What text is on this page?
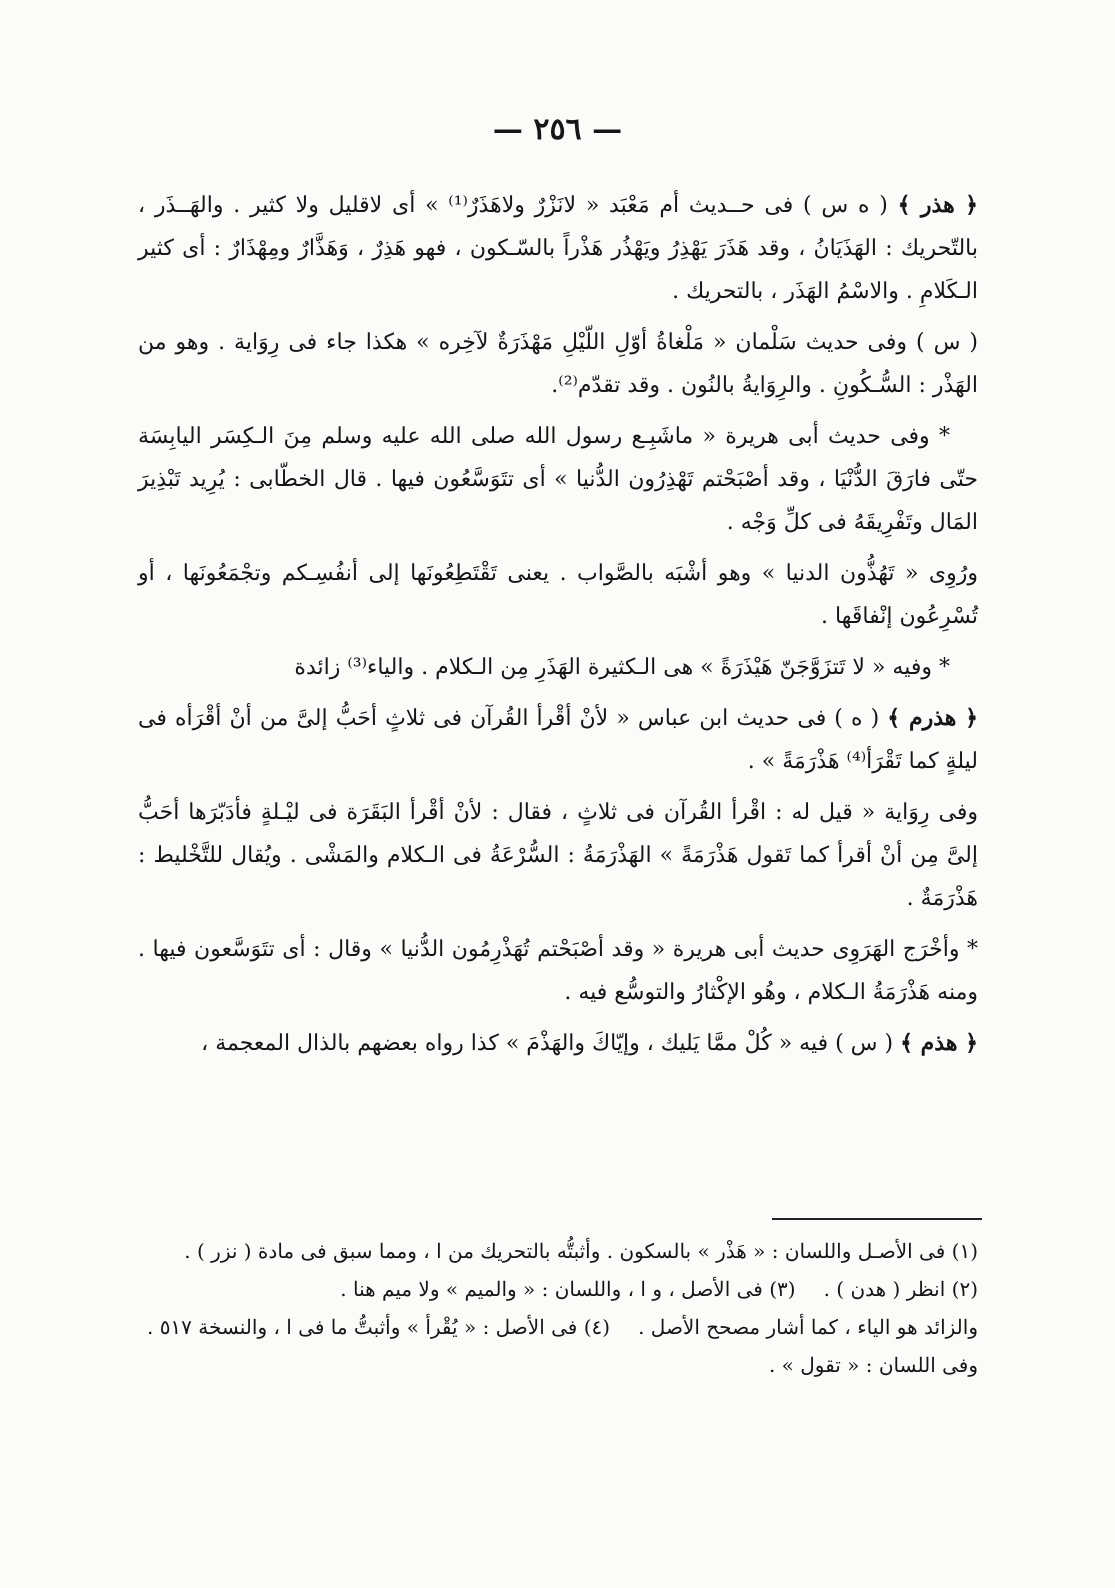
— ٢٥٦ —

﴿ هذر ﴾ ( ه س ) فى حــديث أم مَعْبَد « لانَزْرٌ ولاهَذَرٌ⁽¹⁾ » أى لاقليل ولا كثير . والهَــذَر ، بالتّحريك : الهَذَيَانُ ، وقد هَذَرَ يَهْذِرُ ويَهْذُر هَذْراً بالسّـكون ، فهو هَذِرٌ ، وَهَذَّارٌ ومِهْذَارٌ : أى كثير الـكَلامِ . والاسْمُ الهَذَر ، بالتحريك .

( س ) وفى حديث سَلْمان « مَلْغاةُ أوّلِ اللّيْلِ مَهْذَرَةٌ لآخِره » هكذا جاء فى رِوَاية . وهو من الهَذْر : السُّـكُونِ . والرِوَايةُ بالنُون . وقد تقدّم⁽²⁾.

* وفى حديث أبى هريرة « ماشَبِـع رسول الله صلى الله عليه وسلم مِنَ الـكِسَر اليابِسَة حتّى فارَقَ الدُّنْيَا ، وقد أصْبَحْتم تَهْذِرُون الدُّنيا » أى تتَوَسَّعُون فيها . قال الخطّابى : يُرِيد تَبْذِيرَ المَال وتَفْرِيقَهُ فى كلِّ وَجْه .

ورُوِى « تَهُذُّون الدنيا » وهو أشْبَه بالصَّواب . يعنى تَقْتَطِعُونَها إلى أنفُسِـكم وتجْمَعُونَها ، أو تُسْرِعُون إنْفاقَها .

* وفيه « لا تَتزَوَّجَنّ هَيْذَرَةً » هى الـكثيرة الهَذَرِ مِن الـكلام . والياء⁽³⁾ زائدة

﴿ هذرم ﴾ ( ه ) فى حديث ابن عباس « لأنْ أقْرأ القُرآن فى ثلاثٍ أحَبُّ إلىَّ من أنْ أقْرَأه فى ليلةٍ كما تَقْرَأ⁽⁴⁾ هَذْرَمَةً » .

وفى رِوَاية « قيل له : اقْرأ القُرآن فى ثلاثٍ ، فقال : لأنْ أقْرأ البَقَرَة فى ليْـلةٍ فأدَبّرَها أحَبُّ إلىَّ مِن أنْ أقرأ كما تَقول هَذْرَمَةً » الهَذْرَمَةُ : السُّرْعَةُ فى الـكلام والمَشْى . ويُقال للتَّخْليط : هَذْرَمَةٌ .

* وأخْرَج الهَرَوِى حديث أبى هريرة « وقد أصْبَحْتم تُهَذْرِمُون الدُّنيا » وقال : أى تتَوَسَّعون فيها . ومنه هَذْرَمَةُ الـكلام ، وهُو الإكْثارُ والتوسُّع فيه .

﴿ هذم ﴾ ( س ) فيه « كُلْ ممَّا يَليك ، وإيّاكَ والهَذْمَ » كذا رواه بعضهم بالذال المعجمة ،

(١) فى الأصـل واللسان : « هَذْر » بالسكون . وأثبتُّه بالتحريك من ا ، ومما سبق فى مادة ( نزر ) .

(٢) انظر ( هدن ) .(٣) فى الأصل ، و ا ، واللسان : « والميم » ولا ميم هنا .

والزائد هو الياء ، كما أشار مصحح الأصل .(٤) فى الأصل : « يُقْرأ » وأثبتُّ ما فى ا ، والنسخة ٥١٧ . وفى اللسان : « تقول » .
